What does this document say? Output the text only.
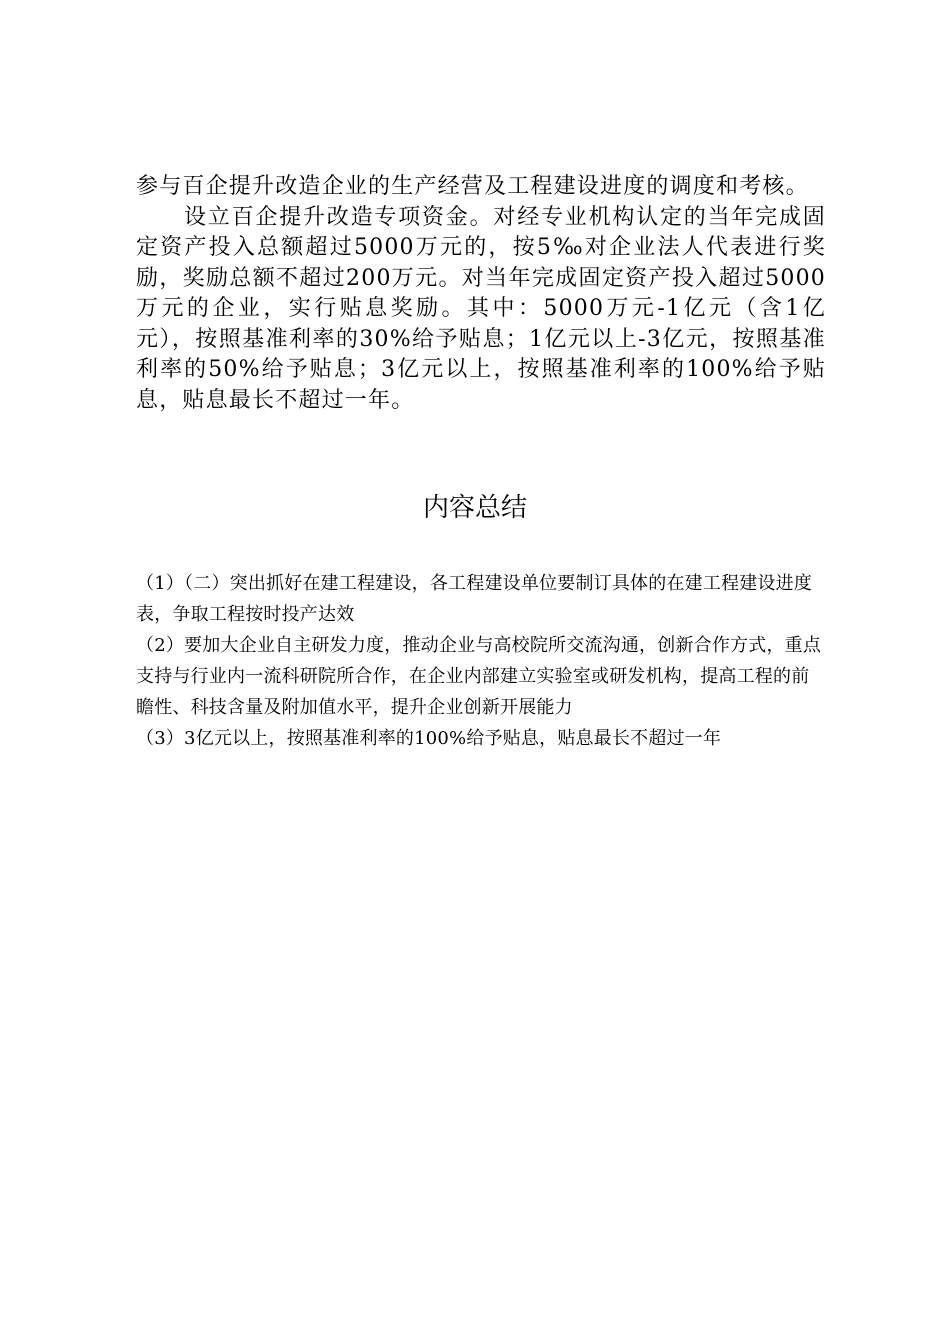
参与百企提升改造企业的生产经营及工程建设进度的调度和考核。

设立百企提升改造专项资金。对经专业机构认定的当年完成固定资产投入总额超过5000万元的，按5‰对企业法人代表进行奖励，奖励总额不超过200万元。对当年完成固定资产投入超过5000万元的企业，实行贴息奖励。其中：5000万元-1亿元（含1亿元），按照基准利率的30%给予贴息；1亿元以上-3亿元，按照基准利率的50%给予贴息；3亿元以上，按照基准利率的100%给予贴息，贴息最长不超过一年。

内容总结
（1）（二）突出抓好在建工程建设，各工程建设单位要制订具体的在建工程建设进度表，争取工程按时投产达效
（2）要加大企业自主研发力度，推动企业与高校院所交流沟通，创新合作方式，重点支持与行业内一流科研院所合作，在企业内部建立实验室或研发机构，提高工程的前瞻性、科技含量及附加值水平，提升企业创新开展能力
（3）3亿元以上，按照基准利率的100%给予贴息，贴息最长不超过一年
